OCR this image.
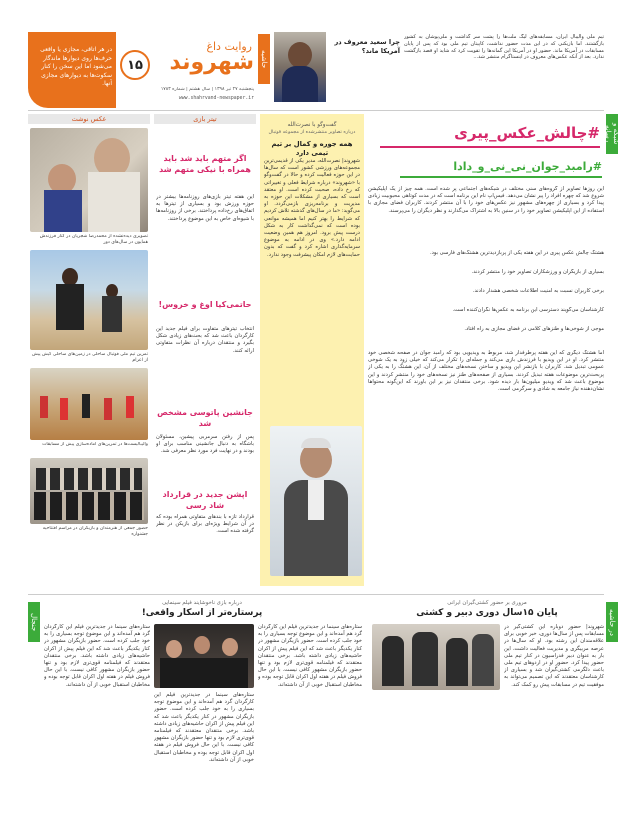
در هر اتاقی، مجازی یا واقعی حرف‌ها روی دیوارها ماندگار می‌شود اما این سخن را کنار سکوت‌ها به دیوارهای مجازی آنها.
۱۵
روایت داغ
شهروند
پنجشنبه ۲۷ تیر ۱۳۹۸ | سال هشتم | شماره ۱۷۸۳
www.shahrvand-newspaper.ir
حاشیه
چرا سعید معروف در آمریکا ماند؟
تیم ملی والیبال ایران، مسابقه‌های لیگ ملت‌ها را پشت سر گذاشت و ملی‌پوشان به کشور بازگشتند. اما بازیکنی که در این مدت حضور نداشت، کاپیتان تیم ملی بود که پس از پایان مسابقات در آمریکا ماند. حضور او در آمریکا این گمانه‌ها را تقویت کرد که شاید او قصد بازگشت ندارد. بعد از آنکه عکس‌های معروف در اینستاگرام منتشر شد...
عکس نوشت
تصویری دیده‌نشده از محمدرضا شجریان در کنار فرزندش همایون در سال‌های دور
تمرین تیم ملی فوتبال ساحلی در زمین‌های ساحلی کیش پیش از اعزام
والیبالیست‌ها در تمرین‌های آماده‌سازی پیش از مسابقات
حضور جمعی از هنرمندان و بازیگران در مراسم افتتاحیه جشنواره
تیتر بازی
اگر متهم باید شد باید همراه با نیکی متهم شد
این هفته تیتر بازی‌های روزنامه‌ها بیشتر در حوزه ورزش بود و بسیاری از تیترها به اتفاق‌های رخ‌داده پرداختند. برخی از روزنامه‌ها با شیوه‌ای خاص به این موضوع پرداختند.
حاتمی‌کیا اوغ و خروس!
انتخاب تیترهای متفاوت برای فیلم جدید این کارگردان باعث شد که بحث‌های زیادی شکل بگیرد و منتقدان درباره آن نظرات متفاوتی ارائه کنند.
جانشین پاتوسی مشخص شد
پس از رفتن سرمربی پیشین، مسئولان باشگاه به دنبال جانشینی مناسب برای او بودند و در نهایت فرد مورد نظر معرفی شد.
اپشن جدید در قرارداد شاد رسی
قرارداد تازه با بندهای متفاوتی همراه بوده که در آن شرایط ویژه‌ای برای بازیکن در نظر گرفته شده است.
گفت‌وگو با نصرت‌الله
درباره تصاویر منتشرشده از مجموعه فوتبال
همه جوره و کمال بر تیم تیمی دارد
شهروند| نصرت‌الله، مدیر یکی از قدیمی‌ترین مجموعه‌های ورزشی کشور است که سال‌ها در این حوزه فعالیت کرده و حالا در گفت‌وگو با «شهروند» درباره شرایط فعلی و تغییراتی که رخ داده، صحبت کرده است. او معتقد است که بسیاری از مشکلات این حوزه به مدیریت و برنامه‌ریزی بازمی‌گردد. او می‌گوید: «ما در سال‌های گذشته تلاش کردیم که شرایط را بهتر کنیم اما همیشه موانعی بوده است که نمی‌گذاشت کار به شکل درست پیش برود. امروز هم همین وضعیت ادامه دارد.» وی در ادامه به موضوع سرمایه‌گذاری اشاره کرد و گفت که بدون حمایت‌های لازم امکان پیشرفت وجود ندارد.
شبکه و رسانه
#چالش_عکس_پیری
#رامبد_جوان_نی_نی_و_دادا
این روزها تصاویر از گروه‌های سنی مختلف در شبکه‌های اجتماعی پر شده است. همه چیز از یک اپلیکیشن شروع شد که چهره افراد را پیر نشان می‌دهد. فیس‌اپ نام این برنامه است که در مدت کوتاهی محبوبیت زیادی پیدا کرد و بسیاری از چهره‌های مشهور نیز عکس‌های خود را با آن منتشر کردند. کاربران فضای مجازی با استفاده از این اپلیکیشن تصاویر خود را در سنین بالا به اشتراک می‌گذارند و نظر دیگران را می‌پرسند.
هشتگ چالش عکس پیری در این هفته یکی از پربازدیدترین هشتگ‌های فارسی بود.
بسیاری از بازیگران و ورزشکاران تصاویر خود را منتشر کردند.
برخی کاربران نسبت به امنیت اطلاعات شخصی هشدار دادند.
کارشناسان می‌گویند دسترسی این برنامه به عکس‌ها نگران‌کننده است.
موجی از شوخی‌ها و طنزهای کلامی در فضای مجازی به راه افتاد.
اما هشتگ دیگری که این هفته پرطرفدار شد، مربوط به ویدیویی بود که رامبد جوان در صفحه شخصی خود منتشر کرد. او در این ویدیو با فرزندش بازی می‌کند و جمله‌ای را تکرار می‌کند که خیلی زود به یک شوخی عمومی تبدیل شد. کاربران با بازنشر این ویدیو و ساختن نسخه‌های مختلف از آن، این هشتگ را به یکی از پربحث‌ترین موضوعات هفته تبدیل کردند. بسیاری از صفحه‌های طنز نیز نسخه‌های خود را منتشر کردند و این موضوع باعث شد که ویدیو میلیون‌ها بار دیده شود. برخی منتقدان نیز بر این باورند که این‌گونه محتواها نشان‌دهنده نیاز جامعه به شادی و سرگرمی است.
در حاشیه
مروری بر حضور کشتی‌گیران ایرانی
پایان ۱۵سال دوری دبیر و کشتی
شهروند| حضور دوباره این کشتی‌گیر در مسابقات پس از سال‌ها دوری، خبر خوبی برای علاقه‌مندان این رشته بود. او که سال‌ها در عرصه مربیگری و مدیریت فعالیت داشت، این بار به عنوان دبیر فدراسیون در کنار تیم ملی حضور پیدا کرد. حضور او در اردوهای تیم ملی باعث دلگرمی کشتی‌گیران شد و بسیاری از کارشناسان معتقدند که این تصمیم می‌تواند به موفقیت تیم در مسابقات پیش رو کمک کند.
جنجال
درباره بازی ناخوشایند فیلم سینمایی
پرستاره‌تر از اسکار واقعی!
ستاره‌های سینما در جدیدترین فیلم این کارگردان گرد هم آمده‌اند و این موضوع توجه بسیاری را به خود جلب کرده است. حضور بازیگران مشهور در کنار یکدیگر باعث شد که این فیلم پیش از اکران حاشیه‌های زیادی داشته باشد. برخی منتقدان معتقدند که فیلمنامه قوی‌تری لازم بود و تنها حضور بازیگران مشهور کافی نیست. با این حال فروش فیلم در هفته اول اکران قابل توجه بوده و مخاطبان استقبال خوبی از آن داشته‌اند.
ستاره‌های سینما در جدیدترین فیلم این کارگردان گرد هم آمده‌اند و این موضوع توجه بسیاری را به خود جلب کرده است. حضور بازیگران مشهور در کنار یکدیگر باعث شد که این فیلم پیش از اکران حاشیه‌های زیادی داشته باشد. برخی منتقدان معتقدند که فیلمنامه قوی‌تری لازم بود و تنها حضور بازیگران مشهور کافی نیست. با این حال فروش فیلم در هفته اول اکران قابل توجه بوده و مخاطبان استقبال خوبی از آن داشته‌اند.
ستاره‌های سینما در جدیدترین فیلم این کارگردان گرد هم آمده‌اند و این موضوع توجه بسیاری را به خود جلب کرده است. حضور بازیگران مشهور در کنار یکدیگر باعث شد که این فیلم پیش از اکران حاشیه‌های زیادی داشته باشد. برخی منتقدان معتقدند که فیلمنامه قوی‌تری لازم بود و تنها حضور بازیگران مشهور کافی نیست. با این حال فروش فیلم در هفته اول اکران قابل توجه بوده و مخاطبان استقبال خوبی از آن داشته‌اند.
